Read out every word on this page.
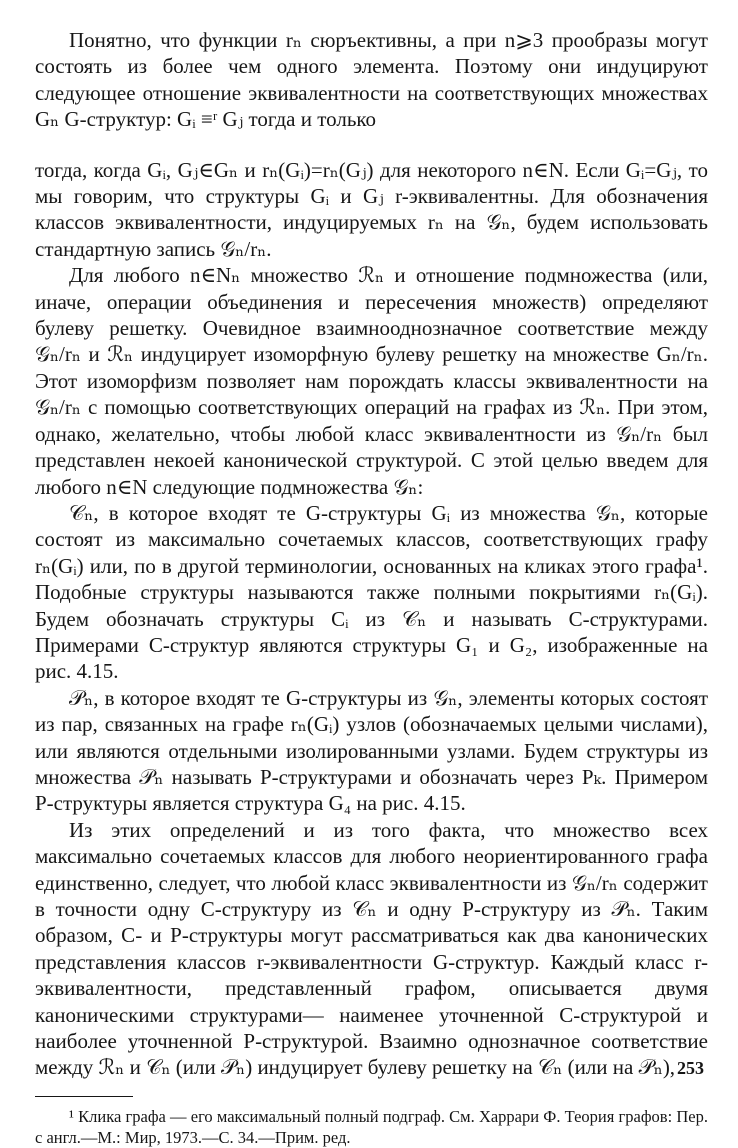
Понятно, что функции rₙ сюръективны, а при n⩾3 прообразы могут состоять из более чем одного элемента. Поэтому они индуцируют следующее отношение эквивалентности на соответствующих множествах Gₙ G-структур: Gᵢ ≡ʳ Gⱼ тогда и только

тогда, когда Gᵢ, Gⱼ∈Gₙ и rₙ(Gᵢ)=rₙ(Gⱼ) для некоторого n∈N. Если Gᵢ=Gⱼ, то мы говорим, что структуры Gᵢ и Gⱼ r-эквивалентны. Для обозначения классов эквивалентности, индуцируемых rₙ на 𝒢ₙ, будем использовать стандартную запись 𝒢ₙ/rₙ.

Для любого n∈Nₙ множество ℛₙ и отношение подмножества (или, иначе, операции объединения и пересечения множеств) определяют булеву решетку. Очевидное взаимнооднозначное соответствие между 𝒢ₙ/rₙ и ℛₙ индуцирует изоморфную булеву решетку на множестве Gₙ/rₙ. Этот изоморфизм позволяет нам порождать классы эквивалентности на 𝒢ₙ/rₙ с помощью соответствующих операций на графах из ℛₙ. При этом, однако, желательно, чтобы любой класс эквивалентности из 𝒢ₙ/rₙ был представлен некоей канонической структурой. С этой целью введем для любого n∈N следующие подмножества 𝒢ₙ:

𝒞ₙ, в которое входят те G-структуры Gᵢ из множества 𝒢ₙ, которые состоят из максимально сочетаемых классов, соответствующих графу rₙ(Gᵢ) или, по в другой терминологии, основанных на кликах этого графа¹. Подобные структуры называются также полными покрытиями rₙ(Gᵢ). Будем обозначать структуры Cᵢ из 𝒞ₙ и называть C-структурами. Примерами C-структур являются структуры G₁ и G₂, изображенные на рис. 4.15.

𝒫ₙ, в которое входят те G-структуры из 𝒢ₙ, элементы которых состоят из пар, связанных на графе rₙ(Gᵢ) узлов (обозначаемых целыми числами), или являются отдельными изолированными узлами. Будем структуры из множества 𝒫ₙ называть P-структурами и обозначать через Pₖ. Примером P-структуры является структура G₄ на рис. 4.15.

Из этих определений и из того факта, что множество всех максимально сочетаемых классов для любого неориентированного графа единственно, следует, что любой класс эквивалентности из 𝒢ₙ/rₙ содержит в точности одну C-структуру из 𝒞ₙ и одну P-структуру из 𝒫ₙ. Таким образом, C- и P-структуры могут рассматриваться как два канонических представления классов r-эквивалентности G-структур. Каждый класс r-эквивалентности, представленный графом, описывается двумя каноническими структурами— наименее уточненной C-структурой и наиболее уточненной P-структурой. Взаимно однозначное соответствие между ℛₙ и 𝒞ₙ (или 𝒫ₙ) индуцирует булеву решетку на 𝒞ₙ (или на 𝒫ₙ),

¹ Клика графа — его максимальный полный подграф. См. Харрари Ф. Теория графов: Пер. с англ.—М.: Мир, 1973.—С. 34.—Прим. ред.

253
